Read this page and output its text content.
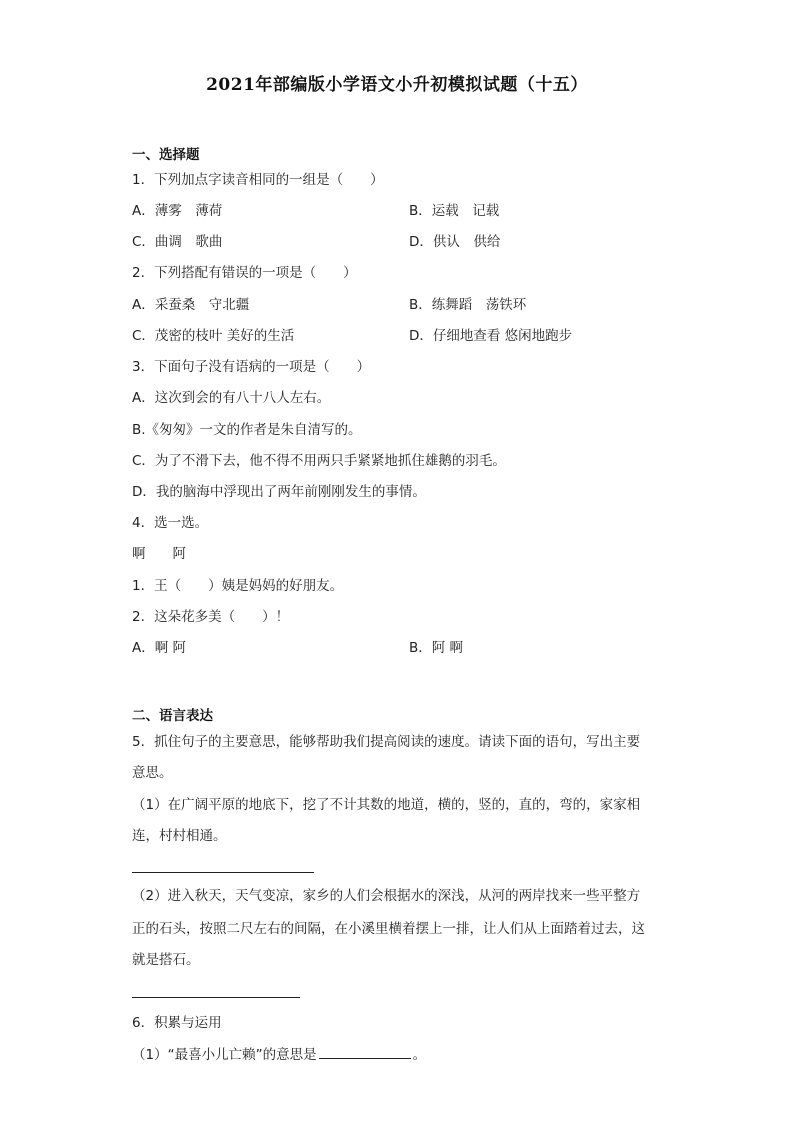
2021年部编版小学语文小升初模拟试题（十五）
一、选择题
1．下列加点字读音相同的一组是（　　）
A．薄雾　薄荷	B．运载　记载
C．曲调　歌曲	D．供认　供给
2．下列搭配有错误的一项是（　　）
A．采蚕桑　守北疆	B．练舞蹈　荡铁环
C．茂密的枝叶 美好的生活	D．仔细地查看 悠闲地跑步
3．下面句子没有语病的一项是（　　）
A．这次到会的有八十八人左右。
B.《匆匆》一文的作者是朱自清写的。
C．为了不滑下去，他不得不用两只手紧紧地抓住雄鹅的羽毛。
D．我的脑海中浮现出了两年前刚刚发生的事情。
4．选一选。
啊　　阿
1．王（　　）姨是妈妈的好朋友。
2．这朵花多美（　　）！
A．啊 阿	B．阿 啊
二、语言表达
5．抓住句子的主要意思，能够帮助我们提高阅读的速度。请读下面的语句，写出主要
意思。
（1）在广阔平原的地底下，挖了不计其数的地道，横的，竖的，直的，弯的，家家相
连，村村相通。
（2）进入秋天，天气变凉，家乡的人们会根据水的深浅，从河的两岸找来一些平整方
正的石头，按照二尺左右的间隔，在小溪里横着摆上一排，让人们从上面踏着过去，这
就是搭石。
6．积累与运用
（1）“最喜小儿亡赖”的意思是	。
